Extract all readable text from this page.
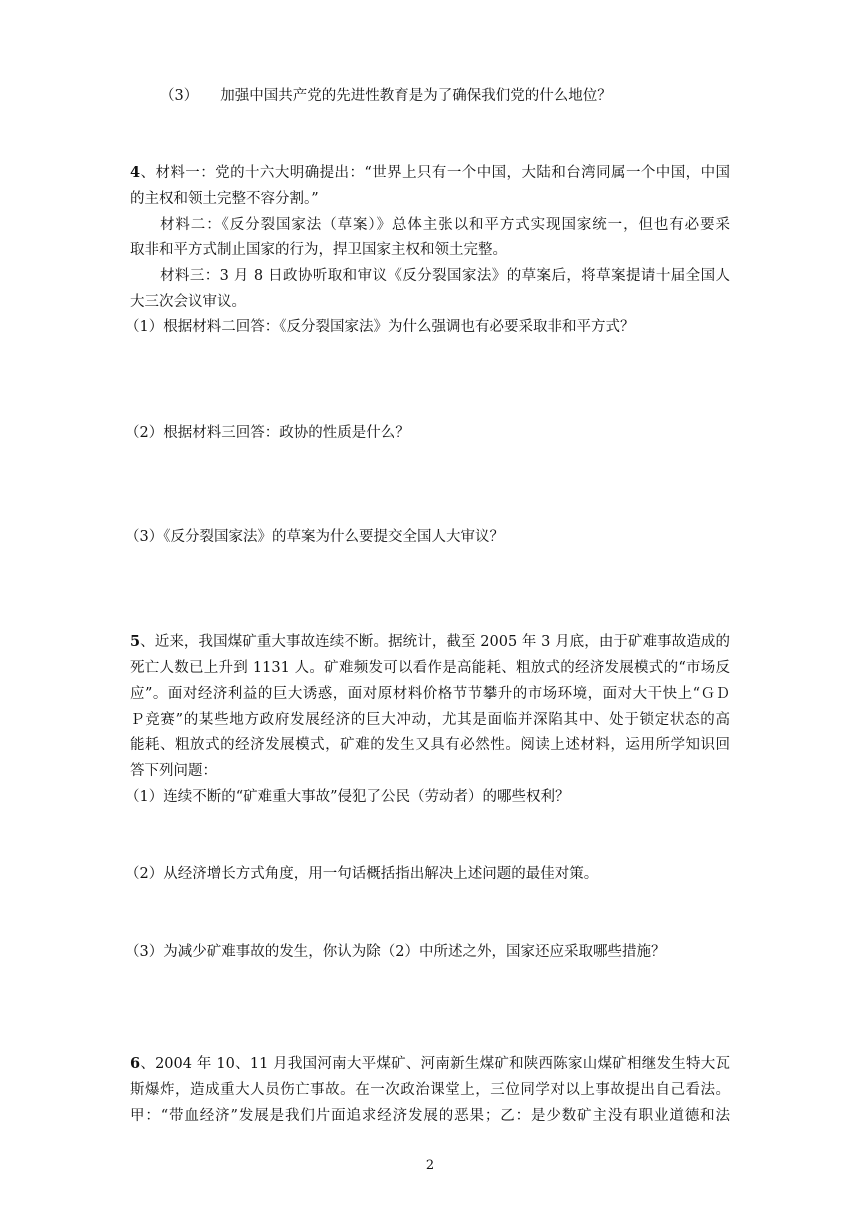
（3） 加强中国共产党的先进性教育是为了确保我们党的什么地位？
4、材料一：党的十六大明确提出：“世界上只有一个中国，大陆和台湾同属一个中国，中国
的主权和领土完整不容分割。”
材料二：《反分裂国家法（草案）》总体主张以和平方式实现国家统一，但也有必要采
取非和平方式制止国家的行为，捍卫国家主权和领土完整。
材料三：3 月 8 日政协听取和审议《反分裂国家法》的草案后，将草案提请十届全国人
大三次会议审议。
（1）根据材料二回答：《反分裂国家法》为什么强调也有必要采取非和平方式？
（2）根据材料三回答：政协的性质是什么？
（3）《反分裂国家法》的草案为什么要提交全国人大审议？
5、近来，我国煤矿重大事故连续不断。据统计，截至 2005 年 3 月底，由于矿难事故造成的
死亡人数已上升到 1131 人。矿难频发可以看作是高能耗、粗放式的经济发展模式的“市场反
应”。面对经济利益的巨大诱惑，面对原材料价格节节攀升的市场环境，面对大干快上“ＧＤ
Ｐ竞赛”的某些地方政府发展经济的巨大冲动，尤其是面临并深陷其中、处于锁定状态的高
能耗、粗放式的经济发展模式，矿难的发生又具有必然性。阅读上述材料，运用所学知识回
答下列问题：
（1）连续不断的“矿难重大事故”侵犯了公民（劳动者）的哪些权利？
（2）从经济增长方式角度，用一句话概括指出解决上述问题的最佳对策。
（3）为减少矿难事故的发生，你认为除（2）中所述之外，国家还应采取哪些措施？
6、2004 年 10、11 月我国河南大平煤矿、河南新生煤矿和陕西陈家山煤矿相继发生特大瓦
斯爆炸，造成重大人员伤亡事故。在一次政治课堂上，三位同学对以上事故提出自己看法。
甲：“带血经济”发展是我们片面追求经济发展的恶果；乙：是少数矿主没有职业道德和法
2
